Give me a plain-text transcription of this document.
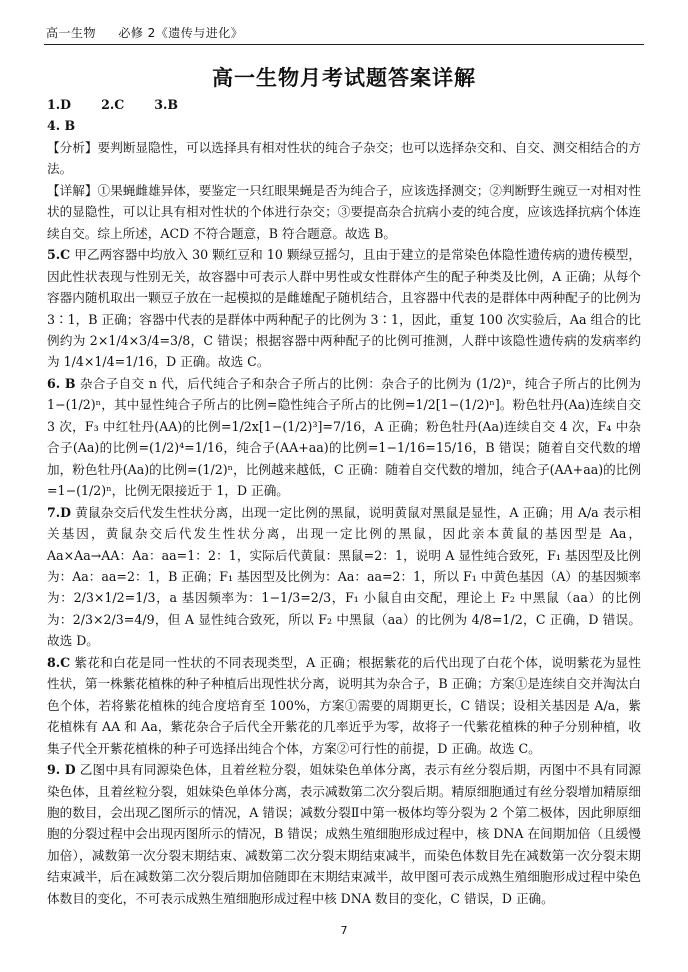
高一生物 必修 2《遗传与进化》
高一生物月考试题答案详解

1.D 2.C 3.B

4. B

【分析】要判断显隐性，可以选择具有相对性状的纯合子杂交；也可以选择杂交和、自交、测交相结合的方法。

【详解】①果蝇雌雄异体，要鉴定一只红眼果蝇是否为纯合子，应该选择测交；②判断野生豌豆一对相对性状的显隐性，可以让具有相对性状的个体进行杂交；③要提高杂合抗病小麦的纯合度，应该选择抗病个体连续自交。综上所述，ACD 不符合题意，B 符合题意。故选 B。

5.C 甲乙两容器中均放入 30 颗红豆和 10 颗绿豆摇匀，且由于建立的是常染色体隐性遗传病的遗传模型，因此性状表现与性别无关，故容器中可表示人群中男性或女性群体产生的配子种类及比例，A 正确；从每个容器内随机取出一颗豆子放在一起模拟的是雌雄配子随机结合，且容器中代表的是群体中两种配子的比例为 3∶1，B 正确；容器中代表的是群体中两种配子的比例为 3∶1，因此，重复 100 次实验后，Aa 组合的比例约为 2×1/4×3/4=3/8，C 错误；根据容器中两种配子的比例可推测，人群中该隐性遗传病的发病率约为 1/4×1/4=1/16，D 正确。故选 C。

6. B 杂合子自交 n 代，后代纯合子和杂合子所占的比例：杂合子的比例为 (1/2)ⁿ，纯合子所占的比例为 1−(1/2)ⁿ，其中显性纯合子所占的比例=隐性纯合子所占的比例=1/2[1−(1/2)ⁿ]。粉色牡丹(Aa)连续自交 3 次，F₃ 中红牡丹(AA)的比例=1/2x[1−(1/2)³]=7/16，A 正确；粉色牡丹(Aa)连续自交 4 次，F₄ 中杂合子(Aa)的比例=(1/2)⁴=1/16，纯合子(AA+aa)的比例=1−1/16=15/16，B 错误；随着自交代数的增加，粉色牡丹(Aa)的比例=(1/2)ⁿ，比例越来越低，C 正确：随着自交代数的增加，纯合子(AA+aa)的比例=1−(1/2)ⁿ，比例无限接近于 1，D 正确。

7.D 黄鼠杂交后代发生性状分离，出现一定比例的黑鼠，说明黄鼠对黑鼠是显性，A 正确；用 A/a 表示相关基因，黄鼠杂交后代发生性状分离，出现一定比例的黑鼠，因此亲本黄鼠的基因型是 Aa，Aa×Aa→AA：Aa：aa=1：2：1，实际后代黄鼠：黑鼠=2：1，说明 A 显性纯合致死，F₁ 基因型及比例为：Aa：aa=2：1，B 正确；F₁ 基因型及比例为：Aa：aa=2：1，所以 F₁ 中黄色基因（A）的基因频率为：2/3×1/2=1/3，a 基因频率为：1−1/3=2/3，F₁ 小鼠自由交配，理论上 F₂ 中黑鼠（aa）的比例为：2/3×2/3=4/9，但 A 显性纯合致死，所以 F₂ 中黑鼠（aa）的比例为 4/8=1/2，C 正确，D 错误。故选 D。

8.C 紫花和白花是同一性状的不同表现类型，A 正确；根据紫花的后代出现了白花个体，说明紫花为显性性状，第一株紫花植株的种子种植后出现性状分离，说明其为杂合子，B 正确；方案①是连续自交并淘汰白色个体，若将紫花植株的纯合度培育至 100%，方案①需要的周期更长，C 错误；设相关基因是 A/a，紫花植株有 AA 和 Aa，紫花杂合子后代全开紫花的几率近乎为零，故将子一代紫花植株的种子分别种植，收集子代全开紫花植株的种子可选择出纯合个体，方案②可行性的前提，D 正确。故选 C。

9. D 乙图中具有同源染色体，且着丝粒分裂，姐妹染色单体分离，表示有丝分裂后期，丙图中不具有同源染色体，且着丝粒分裂，姐妹染色单体分离，表示减数第二次分裂后期。精原细胞通过有丝分裂增加精原细胞的数目，会出现乙图所示的情况，A 错误；减数分裂Ⅱ中第一极体均等分裂为 2 个第二极体，因此卵原细胞的分裂过程中会出现丙图所示的情况，B 错误；成熟生殖细胞形成过程中，核 DNA 在间期加倍（且缓慢加倍），减数第一次分裂末期结束、减数第二次分裂末期结束减半，而染色体数目先在减数第一次分裂末期结束减半，后在减数第二次分裂后期加倍随即在末期结束减半，故甲图可表示成熟生殖细胞形成过程中染色体数目的变化，不可表示成熟生殖细胞形成过程中核 DNA 数目的变化，C 错误，D 正确。

7
